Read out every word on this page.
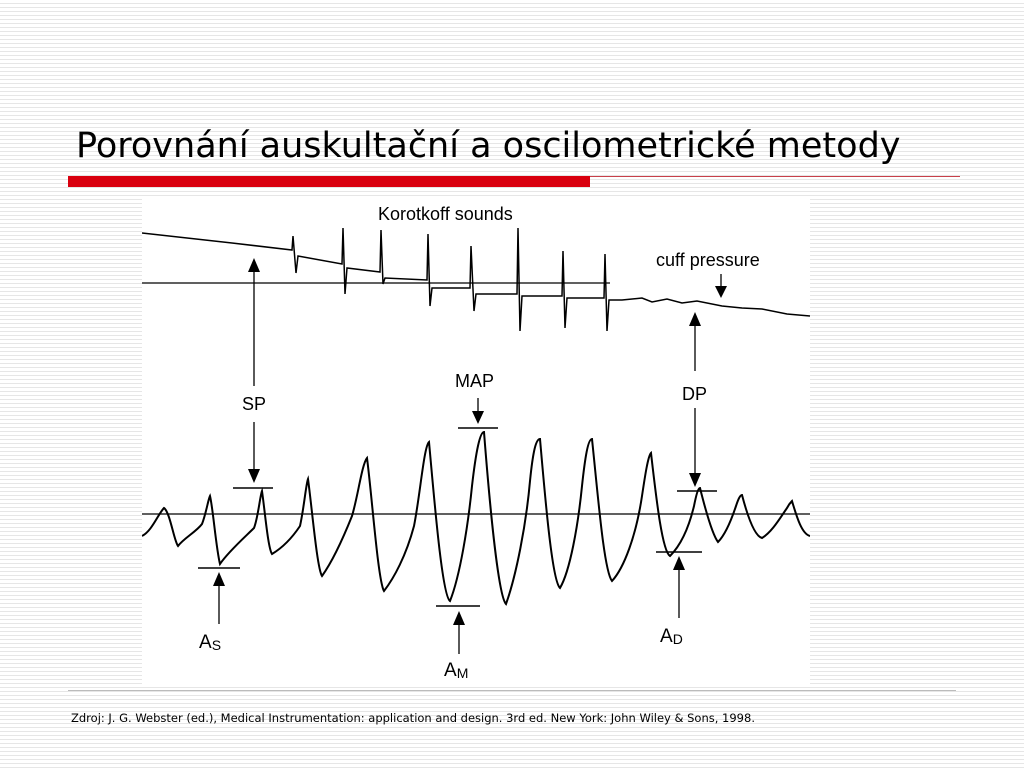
Porovnání auskultační a oscilometrické metody
SP
MAP
DP
cuff pressure
Korotkoff sounds
AS
AM
AD
Zdroj: J. G. Webster (ed.), Medical Instrumentation: application and design. 3rd ed. New York: John Wiley & Sons, 1998.
